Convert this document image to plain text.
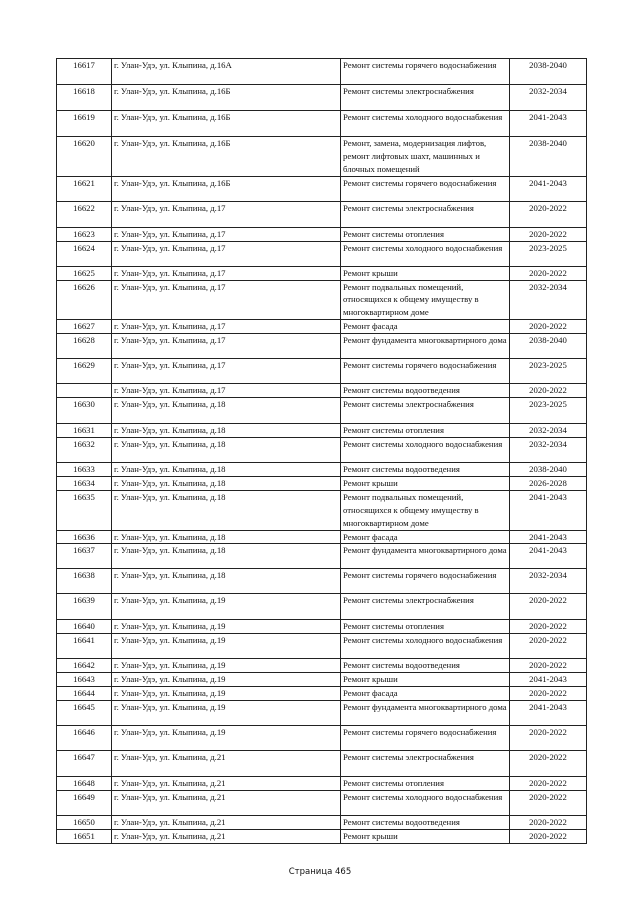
16617	г. Улан-Удэ, ул. Клыпина, д.16А	Ремонт системы горячего водоснабжения	2038-2040
16618	г. Улан-Удэ, ул. Клыпина, д.16Б	Ремонт системы электроснабжения	2032-2034
16619	г. Улан-Удэ, ул. Клыпина, д.16Б	Ремонт системы холодного водоснабжения	2041-2043
16620	г. Улан-Удэ, ул. Клыпина, д.16Б	Ремонт, замена, модернизация лифтов, ремонт лифтовых шахт, машинных и блочных помещений	2038-2040
16621	г. Улан-Удэ, ул. Клыпина, д.16Б	Ремонт системы горячего водоснабжения	2041-2043
16622	г. Улан-Удэ, ул. Клыпина, д.17	Ремонт системы электроснабжения	2020-2022
16623	г. Улан-Удэ, ул. Клыпина, д.17	Ремонт системы отопления	2020-2022
16624	г. Улан-Удэ, ул. Клыпина, д.17	Ремонт системы холодного водоснабжения	2023-2025
16625	г. Улан-Удэ, ул. Клыпина, д.17	Ремонт крыши	2020-2022
16626	г. Улан-Удэ, ул. Клыпина, д.17	Ремонт подвальных помещений, относящихся к общему имуществу в многоквартирном доме	2032-2034
16627	г. Улан-Удэ, ул. Клыпина, д.17	Ремонт фасада	2020-2022
16628	г. Улан-Удэ, ул. Клыпина, д.17	Ремонт фундамента многоквартирного дома	2038-2040
16629	г. Улан-Удэ, ул. Клыпина, д.17	Ремонт системы горячего водоснабжения	2023-2025
	г. Улан-Удэ, ул. Клыпина, д.17	Ремонт системы водоотведения	2020-2022
16630	г. Улан-Удэ, ул. Клыпина, д.18	Ремонт системы электроснабжения	2023-2025
16631	г. Улан-Удэ, ул. Клыпина, д.18	Ремонт системы отопления	2032-2034
16632	г. Улан-Удэ, ул. Клыпина, д.18	Ремонт системы холодного водоснабжения	2032-2034
16633	г. Улан-Удэ, ул. Клыпина, д.18	Ремонт системы водоотведения	2038-2040
16634	г. Улан-Удэ, ул. Клыпина, д.18	Ремонт крыши	2026-2028
16635	г. Улан-Удэ, ул. Клыпина, д.18	Ремонт подвальных помещений, относящихся к общему имуществу в многоквартирном доме	2041-2043
16636	г. Улан-Удэ, ул. Клыпина, д.18	Ремонт фасада	2041-2043
16637	г. Улан-Удэ, ул. Клыпина, д.18	Ремонт фундамента многоквартирного дома	2041-2043
16638	г. Улан-Удэ, ул. Клыпина, д.18	Ремонт системы горячего водоснабжения	2032-2034
16639	г. Улан-Удэ, ул. Клыпина, д.19	Ремонт системы электроснабжения	2020-2022
16640	г. Улан-Удэ, ул. Клыпина, д.19	Ремонт системы отопления	2020-2022
16641	г. Улан-Удэ, ул. Клыпина, д.19	Ремонт системы холодного водоснабжения	2020-2022
16642	г. Улан-Удэ, ул. Клыпина, д.19	Ремонт системы водоотведения	2020-2022
16643	г. Улан-Удэ, ул. Клыпина, д.19	Ремонт крыши	2041-2043
16644	г. Улан-Удэ, ул. Клыпина, д.19	Ремонт фасада	2020-2022
16645	г. Улан-Удэ, ул. Клыпина, д.19	Ремонт фундамента многоквартирного дома	2041-2043
16646	г. Улан-Удэ, ул. Клыпина, д.19	Ремонт системы горячего водоснабжения	2020-2022
16647	г. Улан-Удэ, ул. Клыпина, д.21	Ремонт системы электроснабжения	2020-2022
16648	г. Улан-Удэ, ул. Клыпина, д.21	Ремонт системы отопления	2020-2022
16649	г. Улан-Удэ, ул. Клыпина, д.21	Ремонт системы холодного водоснабжения	2020-2022
16650	г. Улан-Удэ, ул. Клыпина, д.21	Ремонт системы водоотведения	2020-2022
16651	г. Улан-Удэ, ул. Клыпина, д.21	Ремонт крыши	2020-2022
Страница 465
